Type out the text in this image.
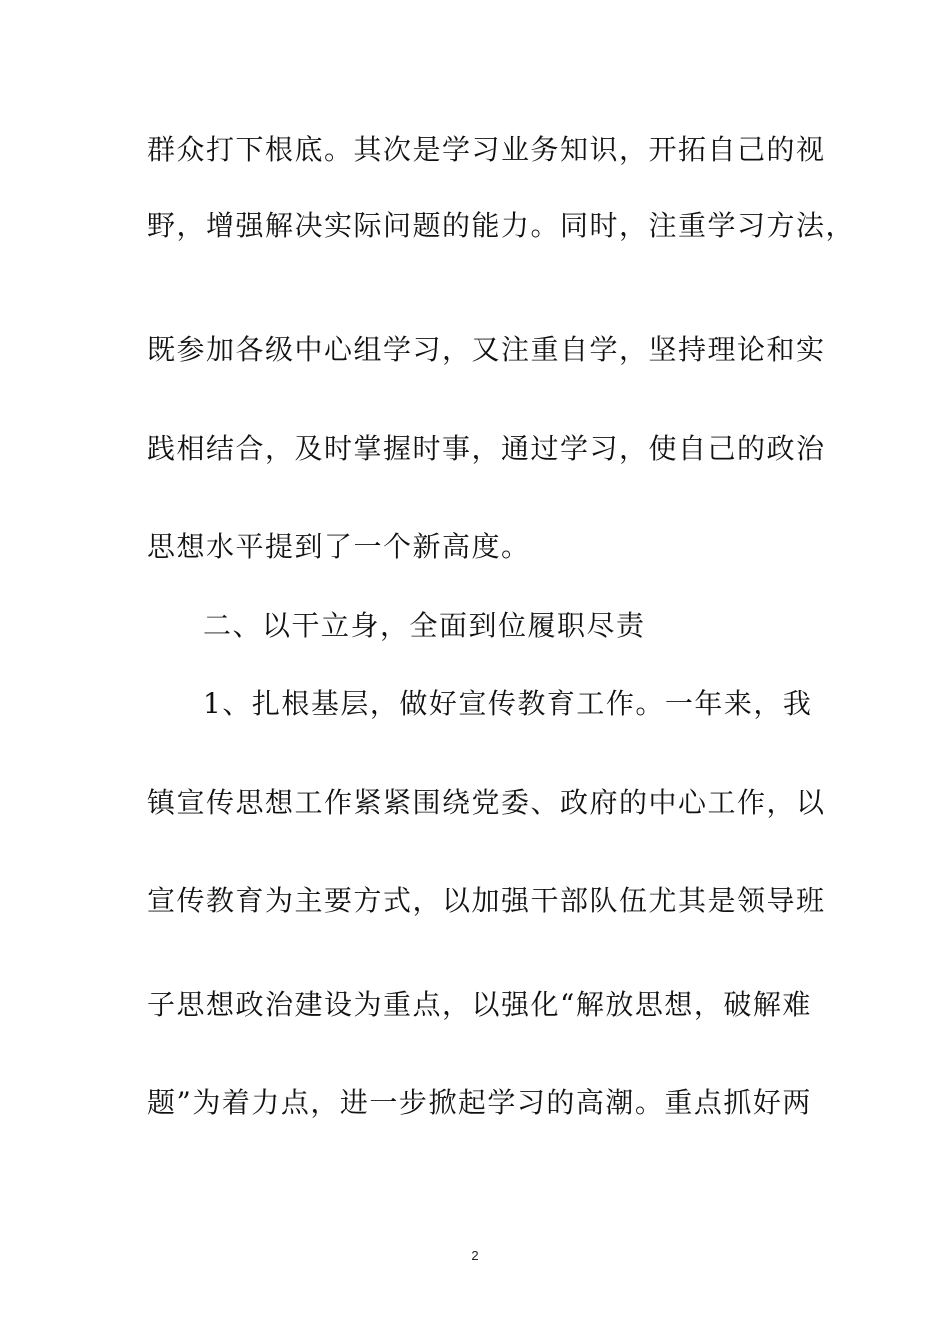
群众打下根底。其次是学习业务知识，开拓自己的视
野，增强解决实际问题的能力。同时，注重学习方法，
既参加各级中心组学习，又注重自学，坚持理论和实
践相结合，及时掌握时事，通过学习，使自己的政治
思想水平提到了一个新高度。
二、以干立身，全面到位履职尽责
1、扎根基层，做好宣传教育工作。一年来，我
镇宣传思想工作紧紧围绕党委、政府的中心工作，以
宣传教育为主要方式，以加强干部队伍尤其是领导班
子思想政治建设为重点，以强化“解放思想，破解难
题”为着力点，进一步掀起学习的高潮。重点抓好两
2
